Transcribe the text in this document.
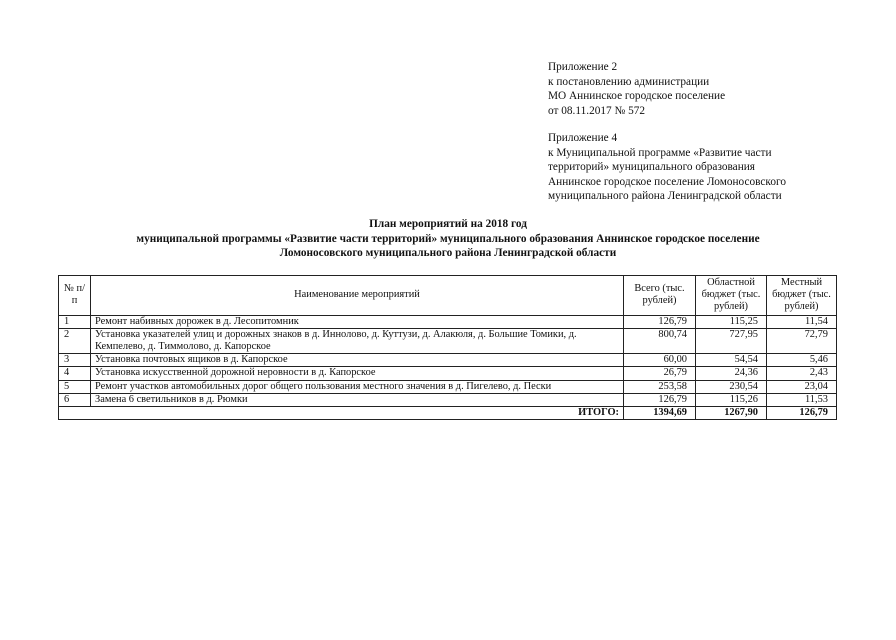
Приложение 2
к постановлению администрации
МО Аннинское городское поселение
от 08.11.2017 № 572
Приложение 4
к Муниципальной программе «Развитие части
территорий» муниципального образования
Аннинское городское поселение Ломоносовского
муниципального района Ленинградской области
План мероприятий на 2018 год
муниципальной программы «Развитие части территорий» муниципального образования Аннинское городское поселение
Ломоносовского муниципального района Ленинградской области
№ п/п	Наименование мероприятий	Всего (тыс. рублей)	Областной бюджет (тыс. рублей)	Местный бюджет (тыс. рублей)
1	Ремонт набивных дорожек в д. Лесопитомник	126,79	115,25	11,54
2	Установка указателей улиц и дорожных знаков в д. Иннолово, д. Куттузи, д. Алакюля, д. Большие Томики, д. Кемпелево, д. Тиммолово, д. Капорское	800,74	727,95	72,79
3	Установка почтовых ящиков в д. Капорское	60,00	54,54	5,46
4	Установка искусственной дорожной неровности в д. Капорское	26,79	24,36	2,43
5	Ремонт участков автомобильных дорог общего пользования местного значения в д. Пигелево, д. Пески	253,58	230,54	23,04
6	Замена 6 светильников в д. Рюмки	126,79	115,26	11,53
ИТОГО:		1394,69	1267,90	126,79
